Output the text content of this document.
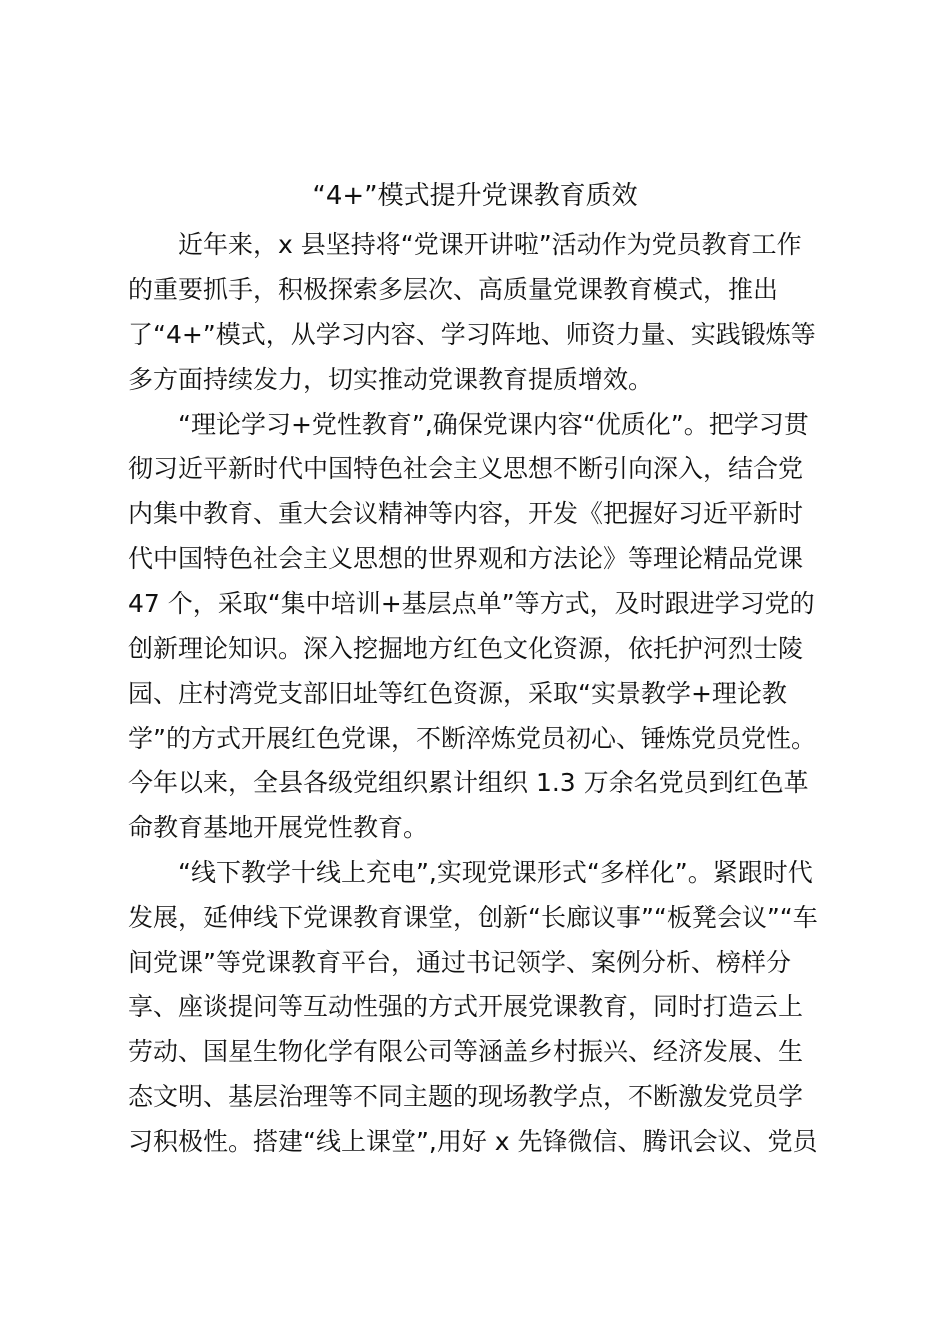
“4+”模式提升党课教育质效
近年来，x 县坚持将“党课开讲啦”活动作为党员教育工作
的重要抓手，积极探索多层次、高质量党课教育模式，推出
了“4+”模式，从学习内容、学习阵地、师资力量、实践锻炼等
多方面持续发力，切实推动党课教育提质增效。
“理论学习+党性教育”,确保党课内容“优质化”。把学习贯
彻习近平新时代中国特色社会主义思想不断引向深入，结合党
内集中教育、重大会议精神等内容，开发《把握好习近平新时
代中国特色社会主义思想的世界观和方法论》等理论精品党课
47 个，采取“集中培训+基层点单”等方式，及时跟进学习党的
创新理论知识。深入挖掘地方红色文化资源，依托护河烈士陵
园、庄村湾党支部旧址等红色资源，采取“实景教学+理论教
学”的方式开展红色党课，不断淬炼党员初心、锤炼党员党性。
今年以来，全县各级党组织累计组织 1.3 万余名党员到红色革
命教育基地开展党性教育。
“线下教学十线上充电”,实现党课形式“多样化”。紧跟时代
发展，延伸线下党课教育课堂，创新“长廊议事”“板凳会议”“车
间党课”等党课教育平台，通过书记领学、案例分析、榜样分
享、座谈提问等互动性强的方式开展党课教育，同时打造云上
劳动、国星生物化学有限公司等涵盖乡村振兴、经济发展、生
态文明、基层治理等不同主题的现场教学点，不断激发党员学
习积极性。搭建“线上课堂”,用好 x 先锋微信、腾讯会议、党员
